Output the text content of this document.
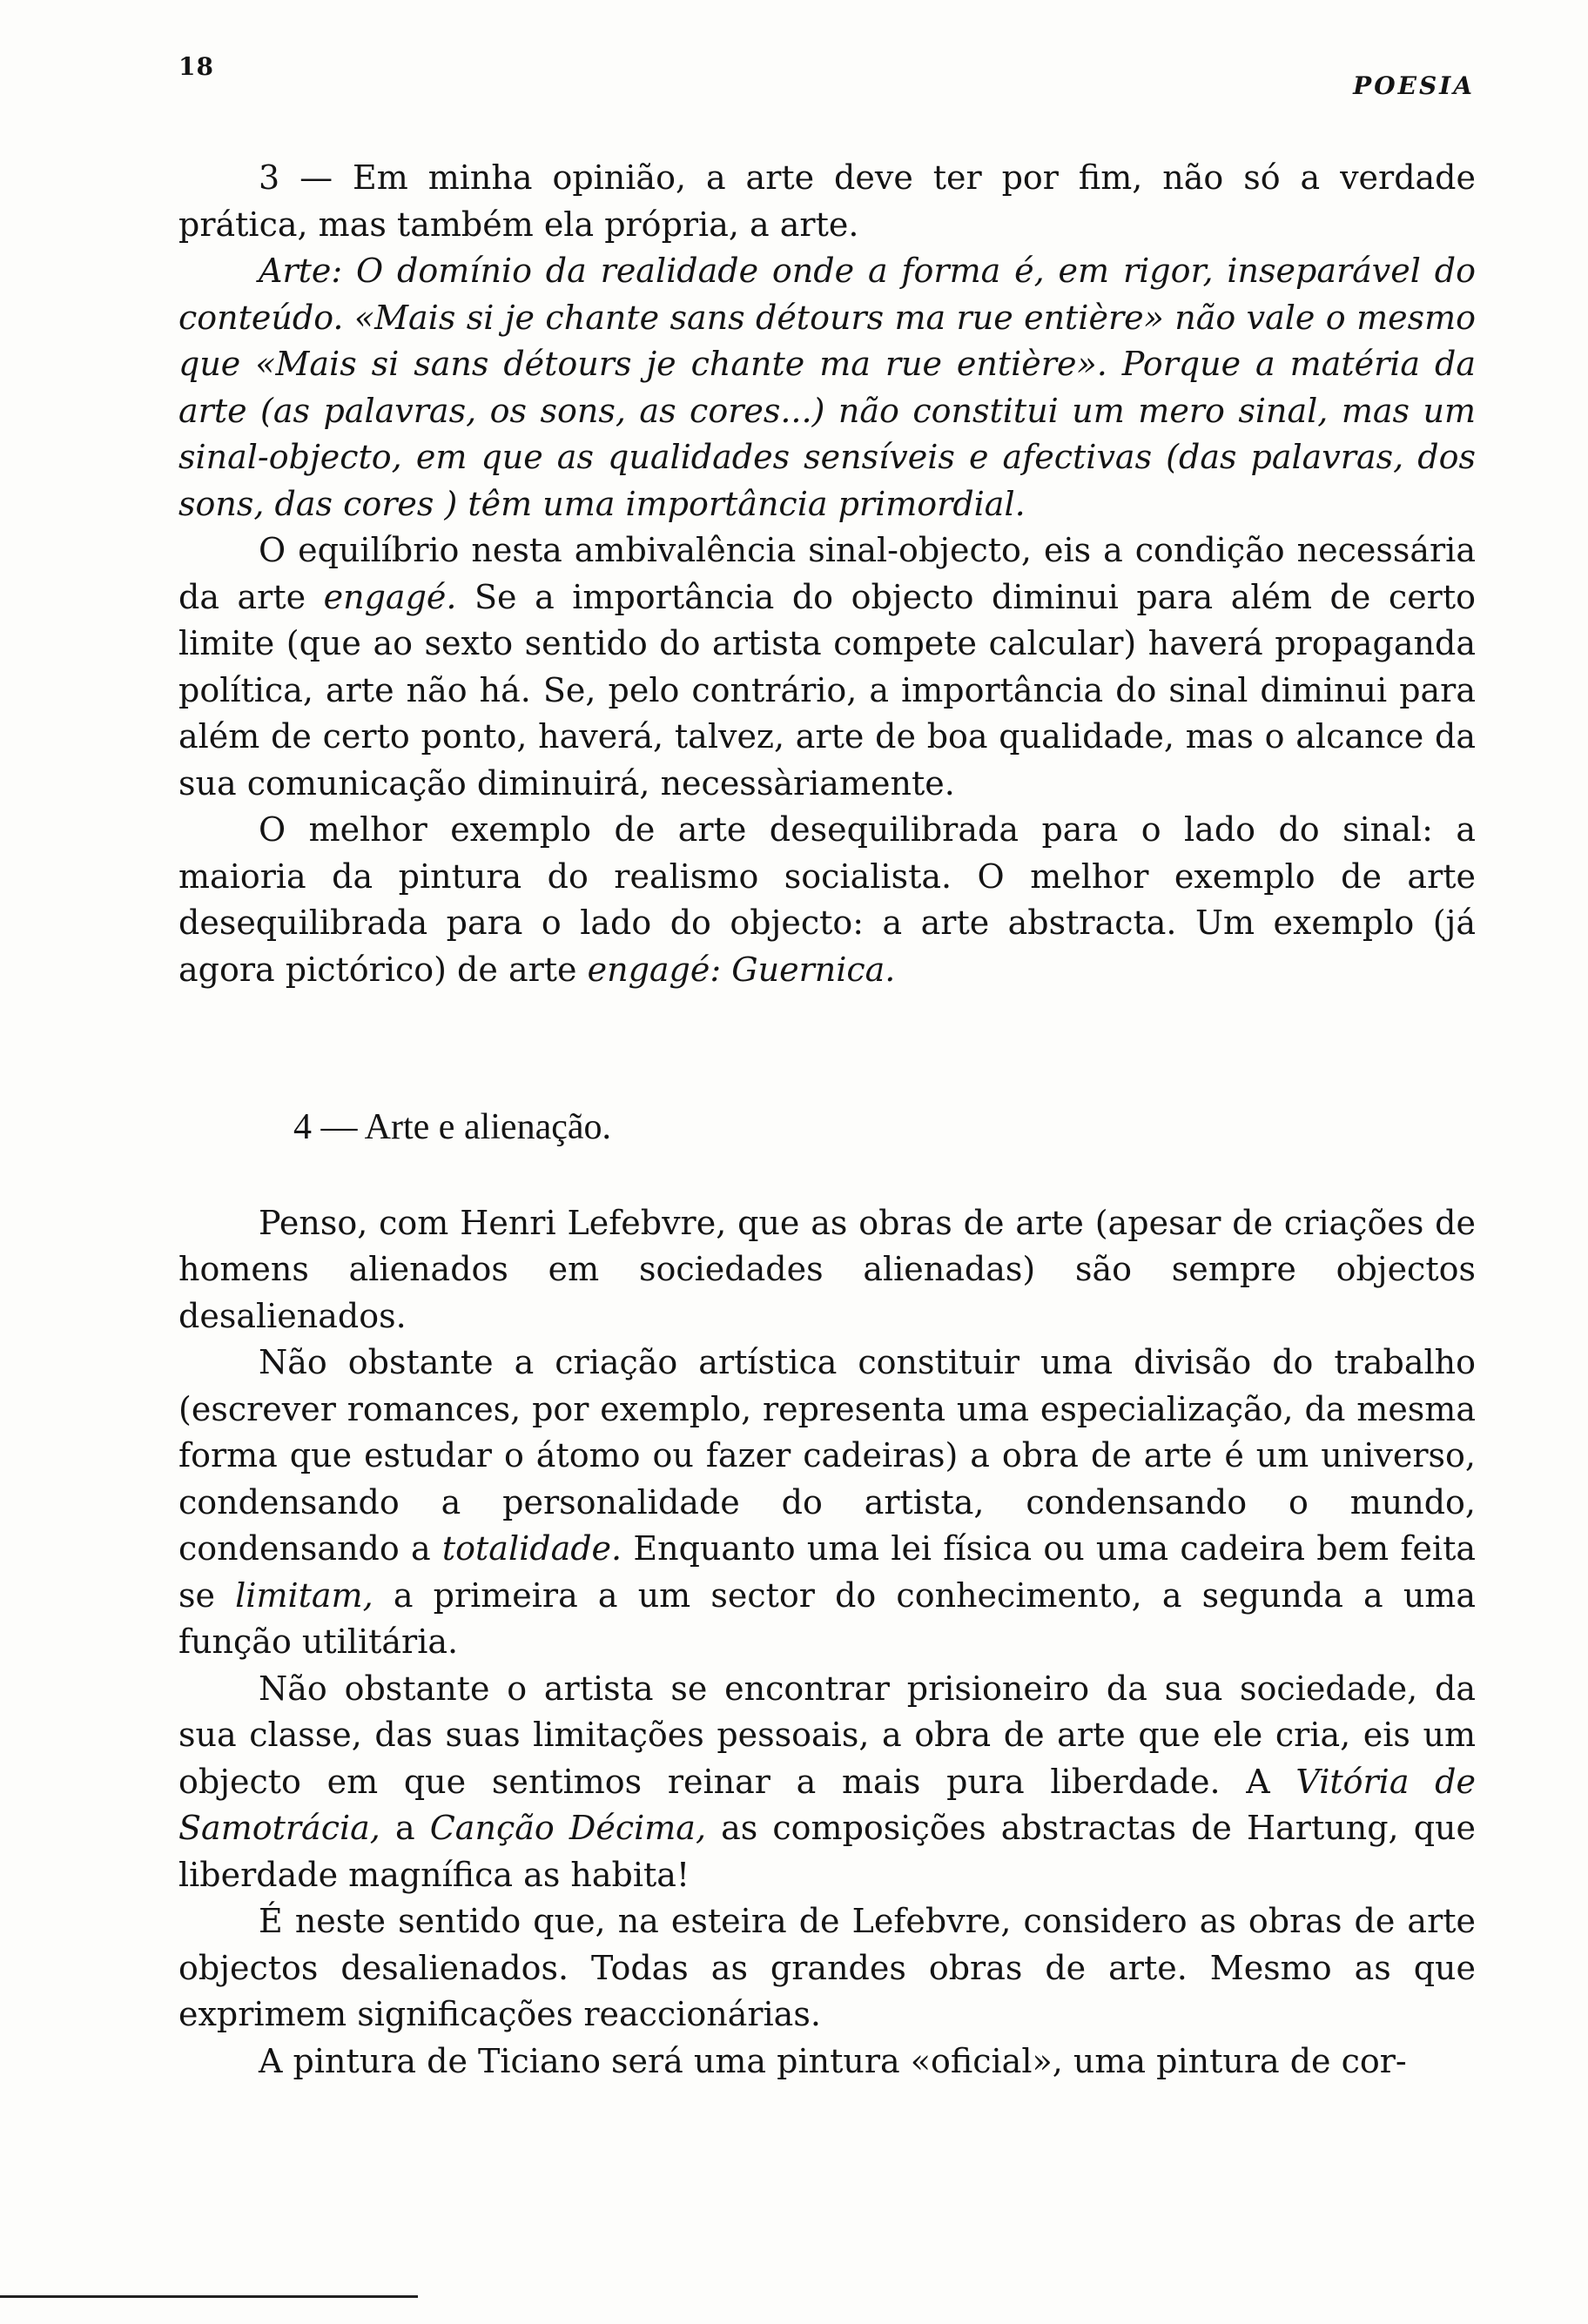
18
POESIA

3 — Em minha opinião, a arte deve ter por fim, não só a verdade prática, mas também ela própria, a arte.

Arte: O domínio da realidade onde a forma é, em rigor, inseparável do conteúdo. «Mais si je chante sans détours ma rue entière» não vale o mesmo que «Mais si sans détours je chante ma rue entière». Porque a matéria da arte (as palavras, os sons, as cores...) não constitui um mero sinal, mas um sinal-objecto, em que as qualidades sensíveis e afectivas (das palavras, dos sons, das cores ) têm uma importância primordial.

O equilíbrio nesta ambivalência sinal-objecto, eis a condição necessária da arte engagé. Se a importância do objecto diminui para além de certo limite (que ao sexto sentido do artista compete calcular) haverá propaganda política, arte não há. Se, pelo contrário, a importância do sinal diminui para além de certo ponto, haverá, talvez, arte de boa qualidade, mas o alcance da sua comunicação diminuirá, necessàriamente.

O melhor exemplo de arte desequilibrada para o lado do sinal: a maioria da pintura do realismo socialista. O melhor exemplo de arte desequilibrada para o lado do objecto: a arte abstracta. Um exemplo (já agora pictórico) de arte engagé: Guernica.

4 — Arte e alienação.

Penso, com Henri Lefebvre, que as obras de arte (apesar de criações de homens alienados em sociedades alienadas) são sempre objectos desalienados.

Não obstante a criação artística constituir uma divisão do trabalho (escrever romances, por exemplo, representa uma especialização, da mesma forma que estudar o átomo ou fazer cadeiras) a obra de arte é um universo, condensando a personalidade do artista, condensando o mundo, condensando a totalidade. Enquanto uma lei física ou uma cadeira bem feita se limitam, a primeira a um sector do conhecimento, a segunda a uma função utilitária.

Não obstante o artista se encontrar prisioneiro da sua sociedade, da sua classe, das suas limitações pessoais, a obra de arte que ele cria, eis um objecto em que sentimos reinar a mais pura liberdade. A Vitória de Samotrácia, a Canção Décima, as composições abstractas de Hartung, que liberdade magnífica as habita!

É neste sentido que, na esteira de Lefebvre, considero as obras de arte objectos desalienados. Todas as grandes obras de arte. Mesmo as que exprimem significações reaccionárias.

A pintura de Ticiano será uma pintura «oficial», uma pintura de cor-
